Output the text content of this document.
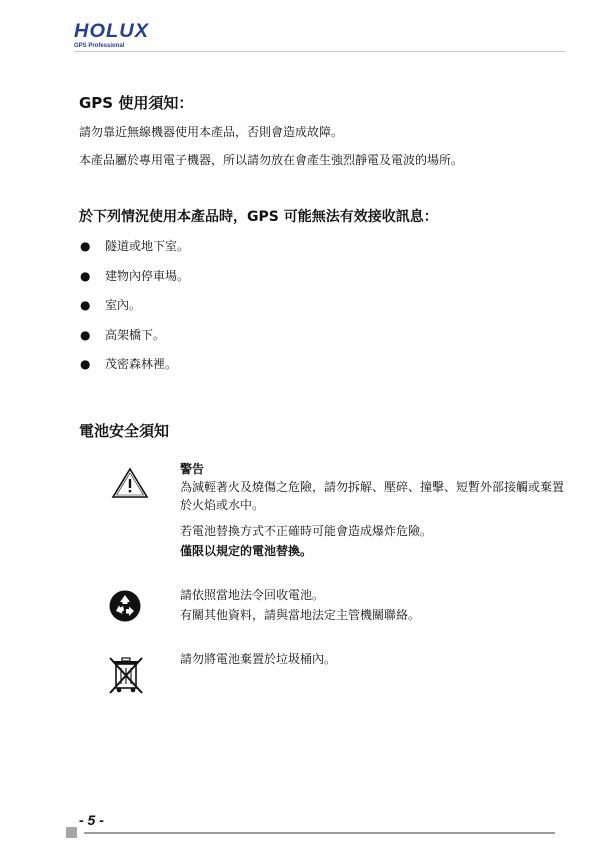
HOLUX
GPS Professional
GPS 使用須知：
請勿靠近無線機器使用本產品，否則會造成故障。
本產品屬於專用電子機器，所以請勿放在會產生強烈靜電及電波的場所。
於下列情況使用本產品時，GPS 可能無法有效接收訊息：
● 隧道或地下室。
● 建物內停車場。
● 室內。
● 高架橋下。
● 茂密森林裡。
電池安全須知
警告
為減輕著火及燒傷之危險，請勿拆解、壓碎、撞擊、短暫外部接觸或棄置於火焰或水中。
若電池替換方式不正確時可能會造成爆炸危險。
僅限以規定的電池替換。
請依照當地法令回收電池。
有關其他資料，請與當地法定主管機關聯絡。
請勿將電池棄置於垃圾桶內。
- 5 -
